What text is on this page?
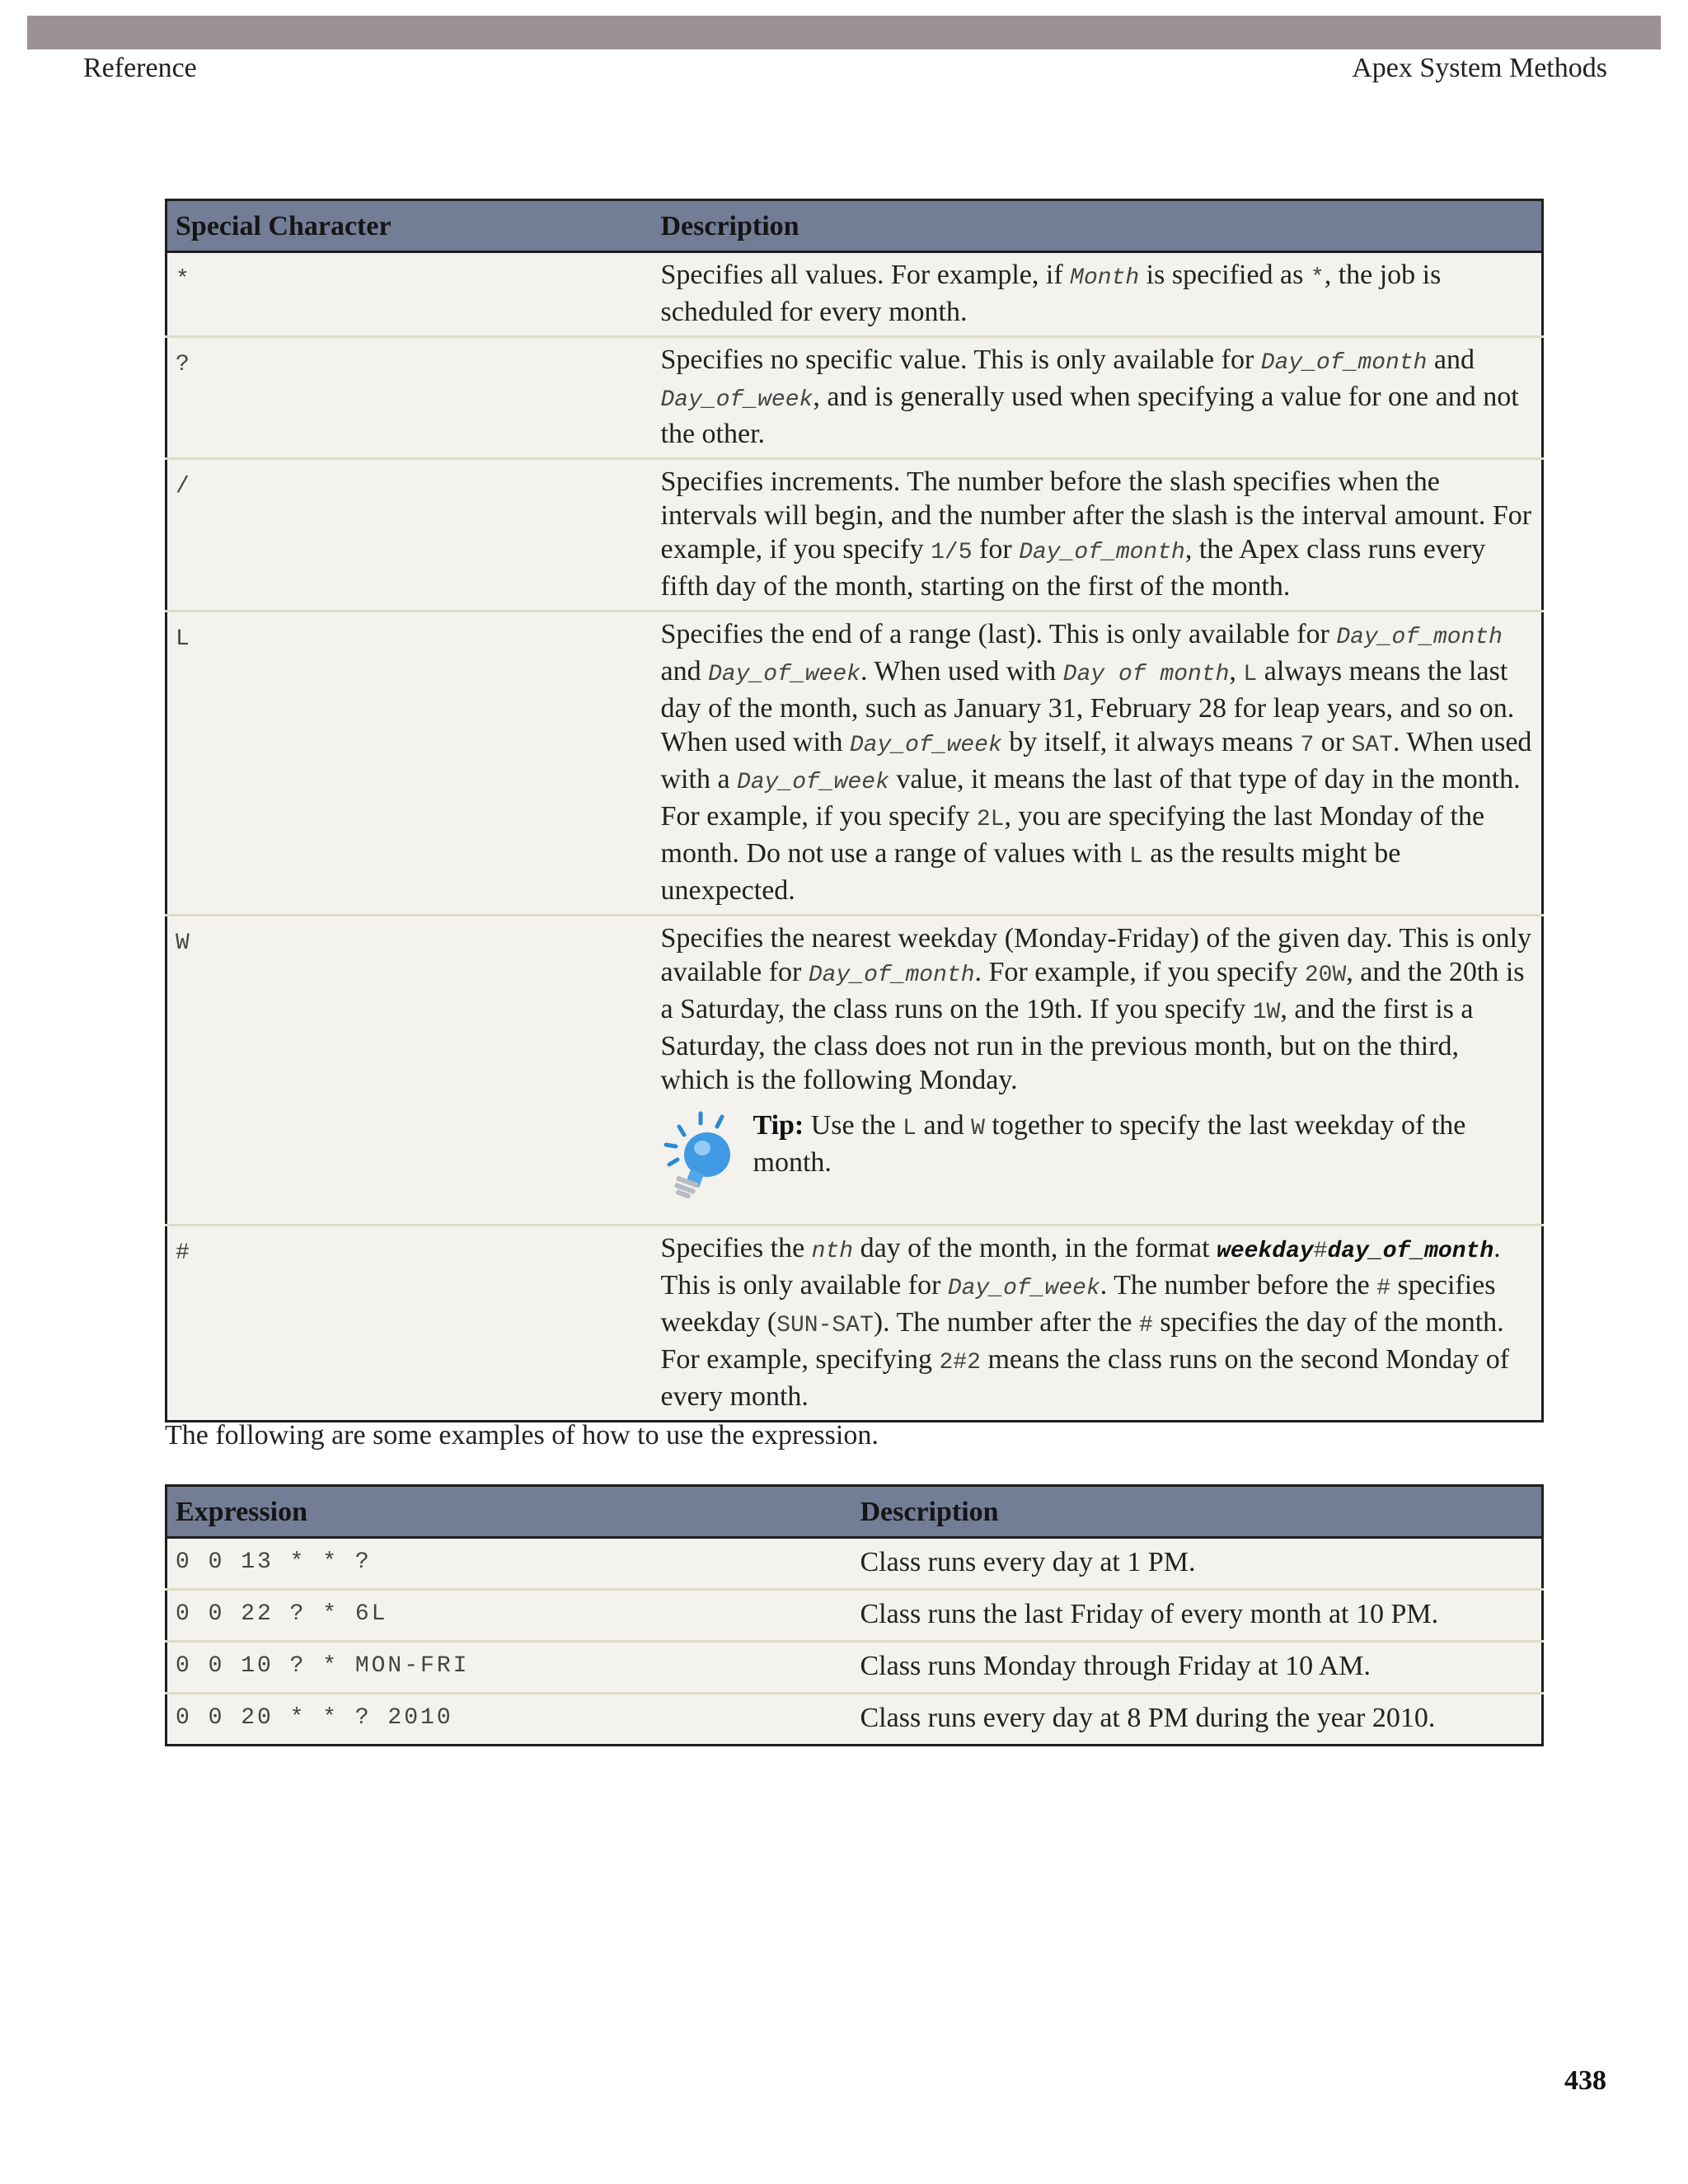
Reference	Apex System Methods
Special Character	Description
*	Specifies all values. For example, if Month is specified as *, the job is scheduled for every month.

?	Specifies no specific value. This is only available for Day_of_month and Day_of_week, and is generally used when specifying a value for one and not the other.

/	Specifies increments. The number before the slash specifies when the intervals will begin, and the number after the slash is the interval amount. For example, if you specify 1/5 for Day_of_month, the Apex class runs every fifth day of the month, starting on the first of the month.

L	Specifies the end of a range (last). This is only available for Day_of_month and Day_of_week. When used with Day of month, L always means the last day of the month, such as January 31, February 28 for leap years, and so on. When used with Day_of_week by itself, it always means 7 or SAT. When used with a Day_of_week value, it means the last of that type of day in the month. For example, if you specify 2L, you are specifying the last Monday of the month. Do not use a range of values with L as the results might be unexpected.

W	Specifies the nearest weekday (Monday-Friday) of the given day. This is only available for Day_of_month. For example, if you specify 20W, and the 20th is a Saturday, the class runs on the 19th. If you specify 1W, and the first is a Saturday, the class does not run in the previous month, but on the third, which is the following Monday.
Tip: Use the L and W together to specify the last weekday of the month.

#	Specifies the nth day of the month, in the format weekday#day_of_month. This is only available for Day_of_week. The number before the # specifies weekday (SUN-SAT). The number after the # specifies the day of the month. For example, specifying 2#2 means the class runs on the second Monday of every month.
The following are some examples of how to use the expression.
Expression	Description
0 0 13 * * ?	Class runs every day at 1 PM.
0 0 22 ? * 6L	Class runs the last Friday of every month at 10 PM.
0 0 10 ? * MON-FRI	Class runs Monday through Friday at 10 AM.
0 0 20 * * ? 2010	Class runs every day at 8 PM during the year 2010.
438
